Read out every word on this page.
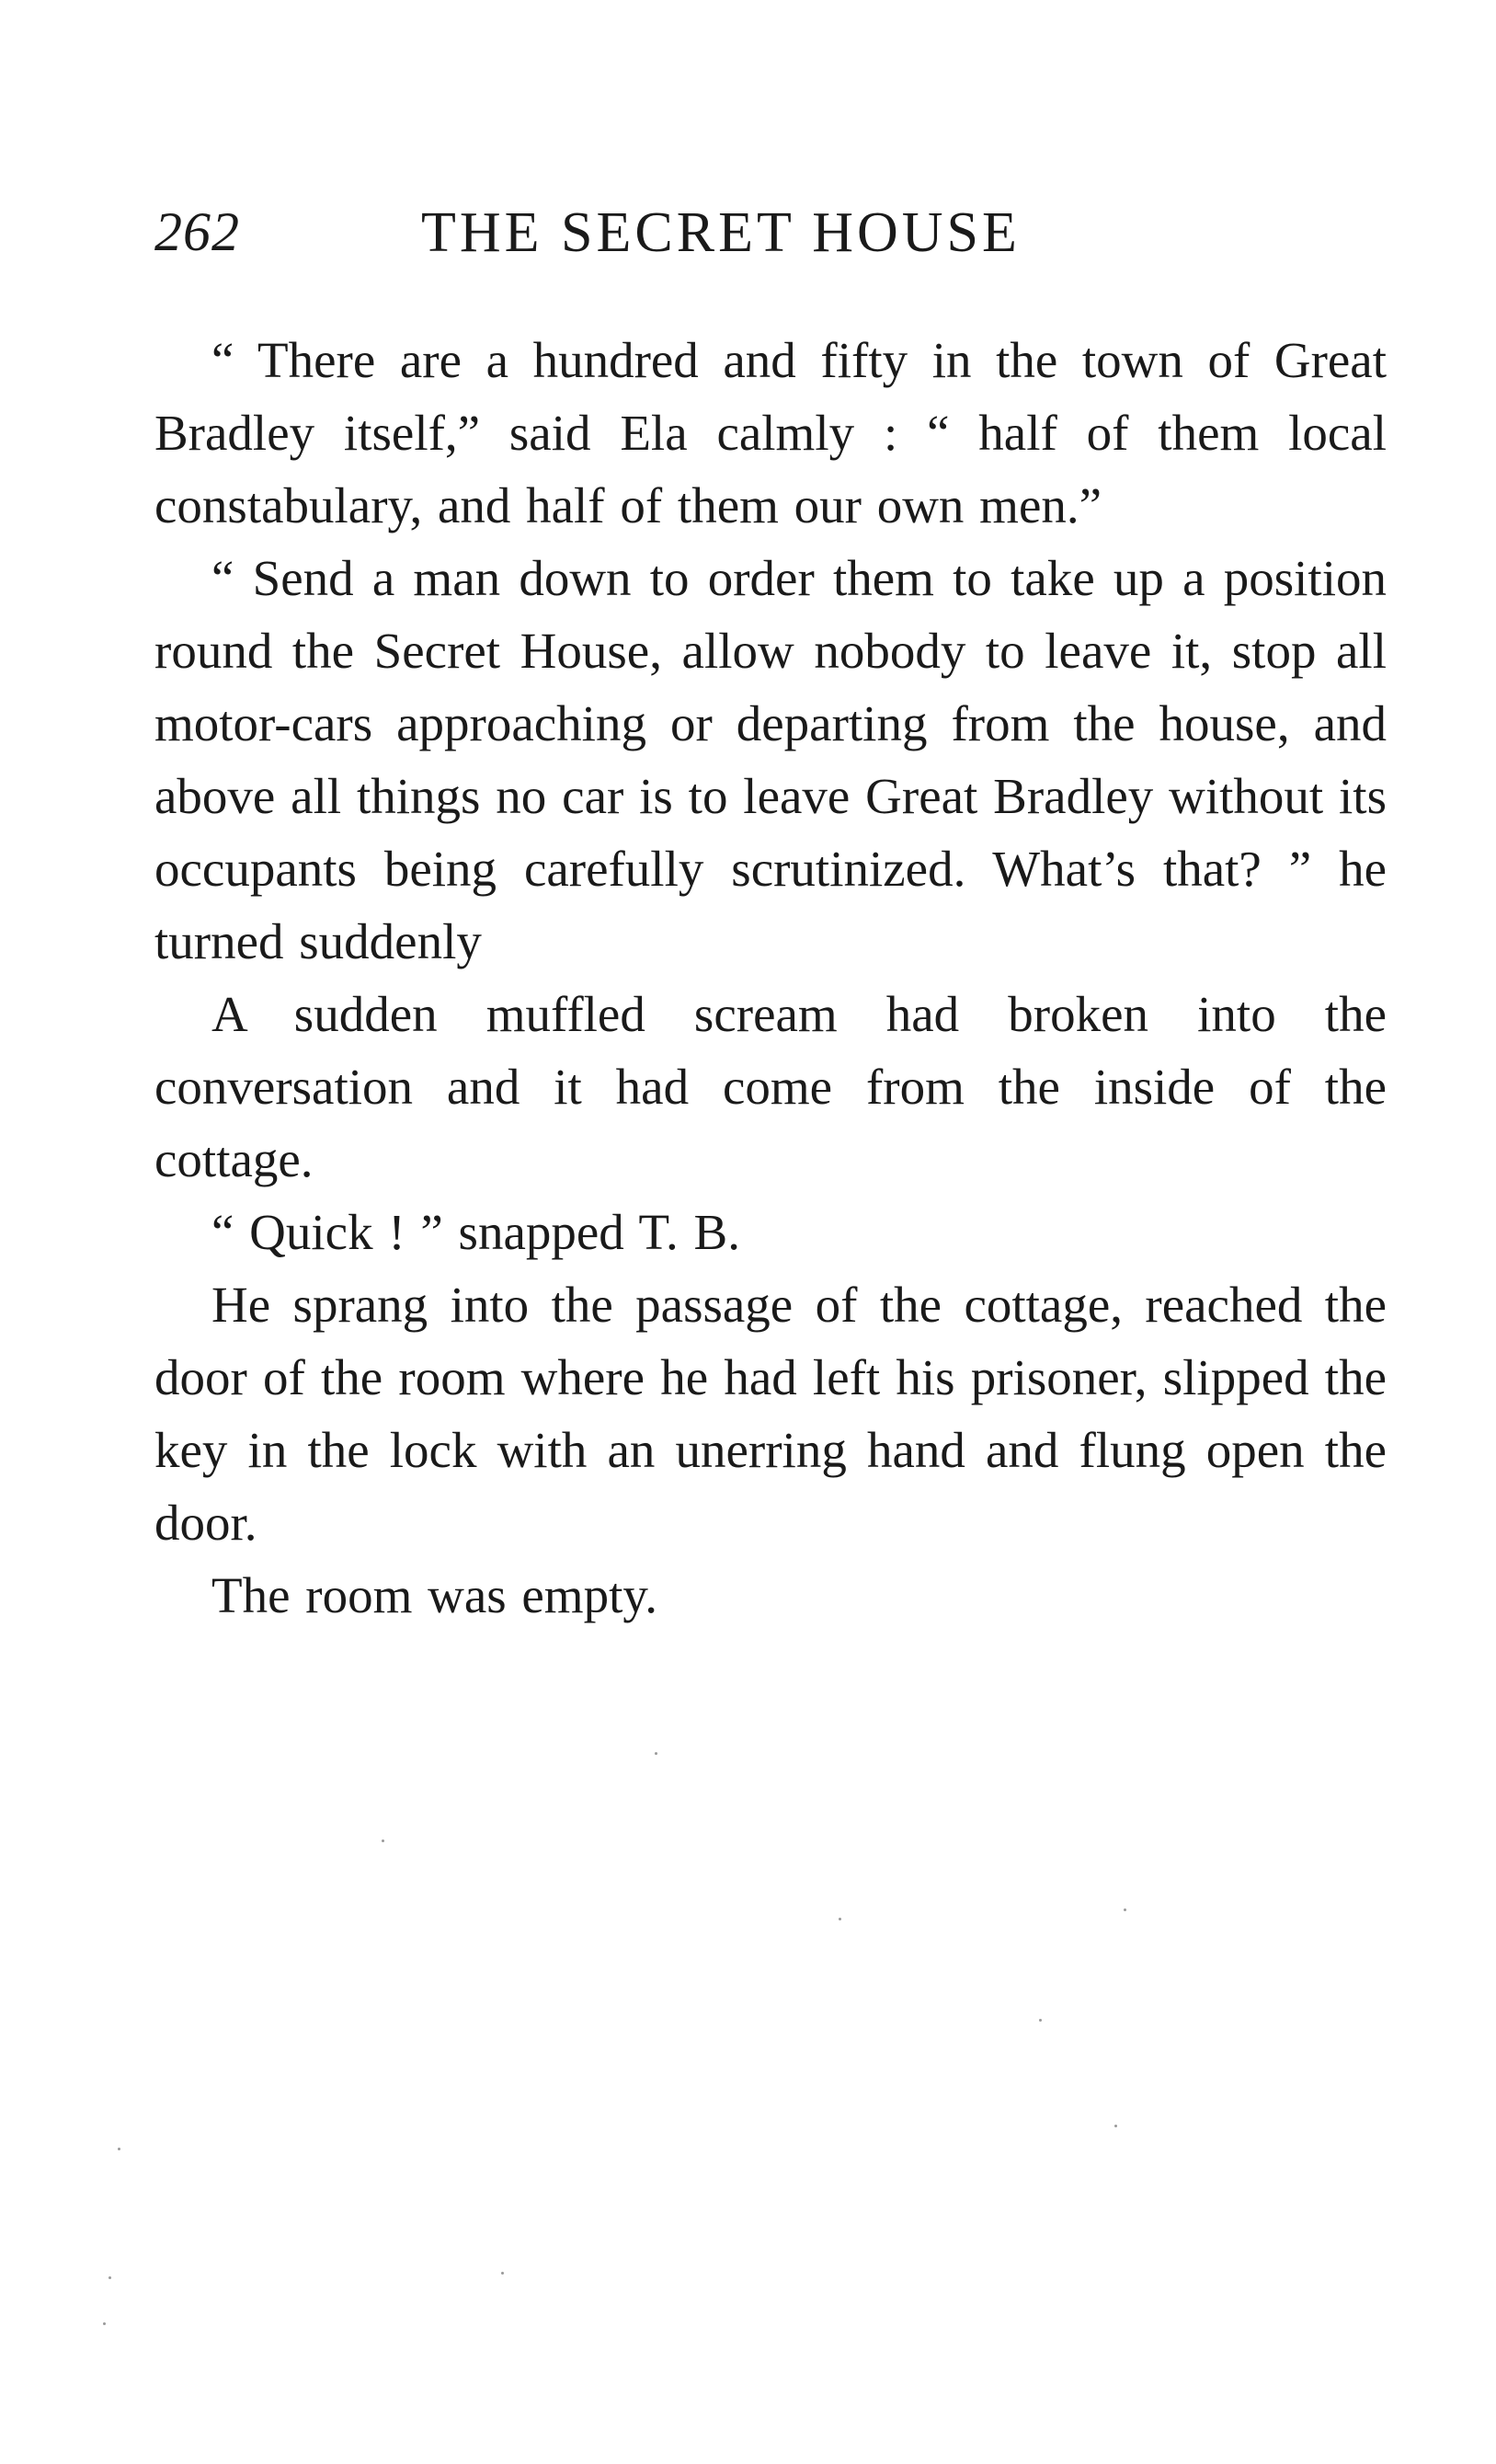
262	THE SECRET HOUSE

“ There are a hundred and fifty in the town of Great Bradley itself,” said Ela calmly : “ half of them local constabulary, and half of them our own men.”

“ Send a man down to order them to take up a position round the Secret House, allow nobody to leave it, stop all motor-cars approaching or departing from the house, and above all things no car is to leave Great Bradley without its occupants being carefully scrutinized. What’s that? ” he turned suddenly

A sudden muffled scream had broken into the conversation and it had come from the inside of the cottage.

“ Quick ! ” snapped T. B.

He sprang into the passage of the cottage, reached the door of the room where he had left his prisoner, slipped the key in the lock with an unerring hand and flung open the door.

The room was empty.
